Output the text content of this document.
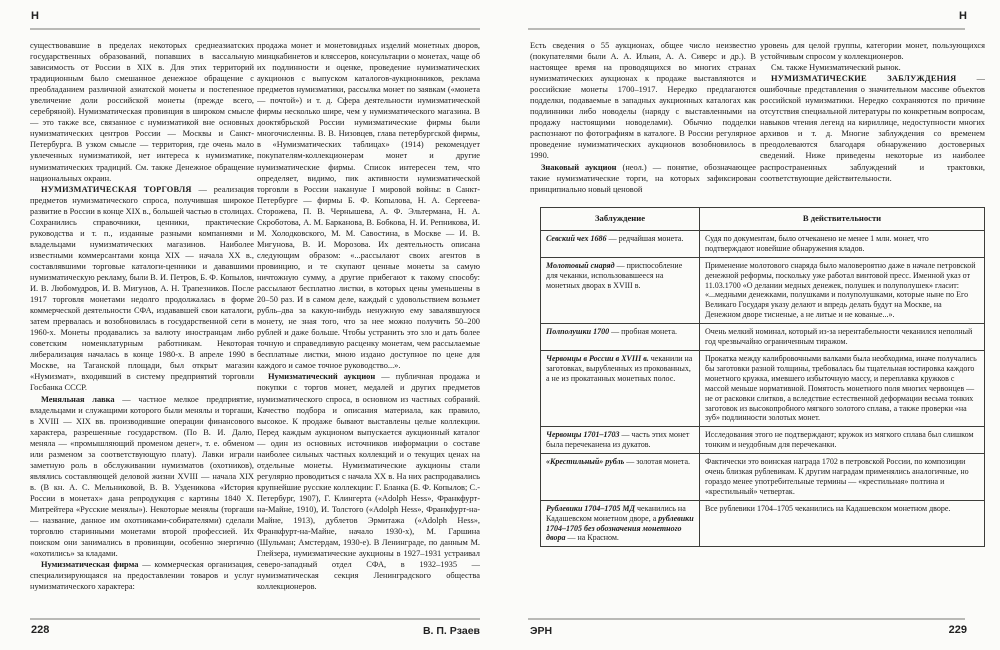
Н	Н

существовавшие в пределах некоторых среднеазиатских государственных образований, попавших в вассальную зависимость от России в XIX в. Для этих территорий традиционным было смешанное денежное обращение с преобладанием различной азиатской монеты и постепенное увеличение доли российской монеты (прежде всего, серебряной). Нумизматическая провинция в широком смысле — это также все, связанное с нумизматикой вне основных нумизматических центров России — Москвы и Санкт-Петербурга. В узком смысле — территория, где очень мало увлеченных нумизматикой, нет интереса к нумизматике, нумизматических традиций. См. также Денежное обращение национальных окраин.

НУМИЗМАТИЧЕСКАЯ ТОРГОВЛЯ — реализация предметов нумизматического спроса, получившая широкое развитие в России в конце XIX в., большей частью в столицах. Сохранились справочники, ценники, практические руководства и т. п., изданные разными компаниями и владельцами нумизматических магазинов. Наиболее известными коммерсантами конца XIX — начала XX в., составлявшими торговые каталоги-ценники и дававшими нумизматическую рекламу, были В. И. Петров, Б. Ф. Копылов, И. В. Любомудров, И. В. Мигунов, А. Н. Трапезников. После 1917 торговля монетами недолго продолжалась в форме коммерческой деятельности СФА, издававшей свои каталоги, затем прервалась и возобновилась в государственной сети в 1960-х. Монеты продавались за валюту иностранцам либо советским номенклатурным работникам. Некоторая либерализация началась в конце 1980-х. В апреле 1990 в Москве, на Таганской площади, был открыт магазин «Нумизмат», входивший в систему предприятий торговли Госбанка СССР.

Меняльная лавка — частное мелкое предприятие, владельцами и служащими которого были менялы и торгаши, в XVIII — XIX вв. производившие операции финансового характера, разрешенные государством. (По В. И. Далю, меняла — «промышляющий променом денег», т. е. обменом или разменом за соответствующую плату). Лавки играли заметную роль в обслуживании нумизматов (охотников), являлись составляющей деловой жизни XVIII — начала XIX в. (В кн. А. С. Мельниковой, В. В. Узденикова «История России в монетах» дана репродукция с картины 1840 Х. Митрейтера «Русские менялы»). Некоторые менялы (торгаши — название, данное им охотниками-собирателями) сделали торговлю старинными монетами второй профессией. Их поиском они занимались в провинции, особенно энергично «охотились» за кладами.

Нумизматическая фирма — коммерческая организация, специализирующаяся на предоставлении товаров и услуг нумизматического характера:

продажа монет и монетовидных изделий монетных дворов, минцкабинетов и кляссеров, консультации о монетах, чаще об их подлинности и оценке, проведение нумизматических аукционов с выпуском каталогов-аукционников, реклама предметов нумизматики, рассылка монет по заявкам («монета — почтой») и т. д. Сфера деятельности нумизматической фирмы несколько шире, чем у нумизматического магазина. В дооктябрьской России нумизматические фирмы были многочисленны. В. В. Низовцев, глава петербургской фирмы, в «Нумизматических таблицах» (1914) рекомендует покупателям-коллекционерам монет и другие нумизматические фирмы. Список интересен тем, что определяет, видимо, пик активности нумизматической торговли в России накануне I мировой войны: в Санкт-Петербурге — фирмы Б. Ф. Копылова, Н. А. Сергеева-Сторожева, П. В. Чернышева, А. Ф. Эльтермана, Н. А. Скроботова, А. М. Барканова, В. Бобкова, Н. И. Репникова, И. М. Холодковского, М. М. Савостина, в Москве — И. В. Мигунова, В. И. Морозова. Их деятельность описана следующим образом: «...рассылают своих агентов в провинцию, и те скупают ценные монеты за самую ничтожную сумму, а другие прибегают к такому способу: рассылают бесплатно листки, в которых цены уменьшены в 20–50 раз. И в самом деле, каждый с удовольствием возьмет рубль–два за какую-нибудь ненужную ему завалявшуюся монету, не зная того, что за нее можно получить 50–200 рублей и даже больше. Чтобы устранить это зло и дать более точную и справедливую расценку монетам, чем рассылаемые бесплатные листки, мною издано доступное по цене для каждого и самое точное руководство...».

Нумизматический аукцион — публичная продажа и покупки с торгов монет, медалей и других предметов нумизматического спроса, в основном из частных собраний. Качество подбора и описания материала, как правило, высокое. К продаже бывают выставлены целые коллекции. Перед каждым аукционом выпускается аукционный каталог — один из основных источников информации о составе наиболее сильных частных коллекций и о текущих ценах на отдельные монеты. Нумизматические аукционы стали регулярно проводиться с начала XX в. На них распродавались крупнейшие русские коллекции: Г. Бланка (Б. Ф. Копылов; С.-Петербург, 1907), Г. Клингерта («Adolph Hess», Франкфурт-на-Майне, 1910), И. Толстого («Adolph Hess», Франкфурт-на-Майне, 1913), дублетов Эрмитажа («Adolph Hess», Франкфурт-на-Майне, начало 1930-х), М. Гаршина (Шульман; Амстердам, 1930-е). В Ленинграде, по данным М. Глейзера, нумизматические аукционы в 1927–1931 устраивал северо-западный отдел СФА, в 1932–1935 — нумизматическая секция Ленинградского общества коллекционеров.

Есть сведения о 55 аукционах, общее число неизвестно (покупателями были А. А. Ильин, А. А. Сиверс и др.). В настоящее время на проводящихся во многих странах нумизматических аукционах к продаже выставляются и российские монеты 1700–1917. Нередко предлагаются подделки, подаваемые в западных аукционных каталогах как подлинники либо новоделы (наряду с выставленными на продажу настоящими новоделами). Обычно подделки распознают по фотографиям в каталоге. В России регулярное проведение нумизматических аукционов возобновилось в 1990.

Знаковый аукцион (неол.) — понятие, обозначающее такие нумизматические торги, на которых зафиксирован принципиально новый ценовой

уровень для целой группы, категории монет, пользующихся устойчивым спросом у коллекционеров.

См. также Нумизматический рынок.

НУМИЗМАТИЧЕСКИЕ ЗАБЛУЖДЕНИЯ — ошибочные представления о значительном массиве объектов российской нумизматики. Нередко сохраняются по причине отсутствия специальной литературы по конкретным вопросам, навыков чтения легенд на кириллице, недоступности многих архивов и т. д. Многие заблуждения со временем преодолеваются благодаря обнаружению достоверных сведений. Ниже приведены некоторые из наиболее распространенных заблуждений и трактовки, соответствующие действительности.

Заблуждение	В действительности
Севский чех 1686 — редчайшая монета.	Судя по документам, было отчеканено не менее 1 млн. монет, что подтверждают новейшие обнаружения кладов.
Молотовый снаряд — приспособление для чеканки, использовавшееся на монетных дворах в XVIII в.	Применение молотового снаряда было маловероятно даже в начале петровской денежной реформы, поскольку уже работал винтовой пресс. Именной указ от 11.03.1700 «О делании медных денежек, полушек и полуполушек» гласит: «...медными денежками, полушками и полуполушками, которые ныне по Его Великаго Государя указу делают и впредь делать будут на Москве, на Денежном дворе тисненые, а не литые и не кованые...».
Полполушки 1700 — пробная монета.	Очень мелкий номинал, который из-за нерентабельности чеканился неполный год чрезвычайно ограниченным тиражом.
Червонцы в России в XVIII в. чеканили на заготовках, вырубленных из прокованных, а не из прокатанных монетных полос.	Прокатка между калибровочными валками была необходима, иначе получались бы заготовки разной толщины, требовалась бы тщательная юстировка каждого монетного кружка, имевшего избыточную массу, и переплавка кружков с массой меньше нормативной. Помятость монетного поля многих червонцев — не от расковки слитков, а вследствие естественной деформации весьма тонких заготовок из высокопробного мягкого золотого сплава, а также проверки «на зуб» подлинности золотых монет.
Червонцы 1701–1703 — часть этих монет была перечеканена из дукатов.	Исследования этого не подтверждают; кружок из мягкого сплава был слишком тонким и неудобным для перечеканки.
«Крестильный» рубль — золотая монета.	Фактически это воинская награда 1702 в петровской России, по композиции очень близкая рублевикам. К другим наградам применялись аналогичные, но гораздо менее употребительные термины — «крестильная» полтина и «крестильный» четвертак.
Рублевики 1704–1705 МД чеканились на Кадашевском монетном дворе, а рублевики 1704–1705 без обозначения монетного двора — на Красном.	Все рублевики 1704–1705 чеканились на Кадашевском монетном дворе.
228	В. П. Рзаев	ЭРН	229
